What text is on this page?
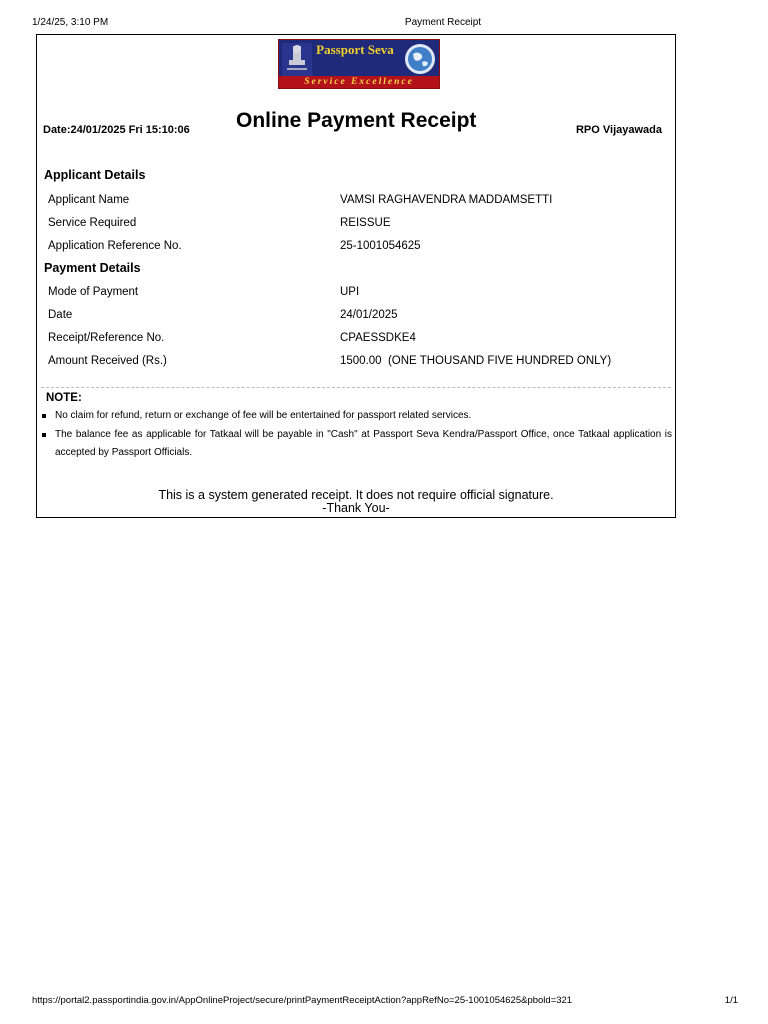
1/24/25, 3:10 PM	Payment Receipt
Passport Seva
Service Excellence
Date:24/01/2025 Fri 15:10:06 Online Payment Receipt	RPO Vijayawada
Applicant Details
Applicant Name	VAMSI RAGHAVENDRA MADDAMSETTI
Service Required	REISSUE
Application Reference No.	25-1001054625
Payment Details
Mode of Payment	UPI
Date	24/01/2025
Receipt/Reference No.	CPAESSDKE4
Amount Received (Rs.)	1500.00  (ONE THOUSAND FIVE HUNDRED ONLY)
NOTE:
No claim for refund, return or exchange of fee will be entertained for passport related services.
The balance fee as applicable for Tatkaal will be payable in "Cash" at Passport Seva Kendra/Passport Office, once Tatkaal application is accepted by Passport Officials.
This is a system generated receipt. It does not require official signature.
-Thank You-
https://portal2.passportindia.gov.in/AppOnlineProject/secure/printPaymentReceiptAction?appRefNo=25-1001054625&pbold=321	1/1
